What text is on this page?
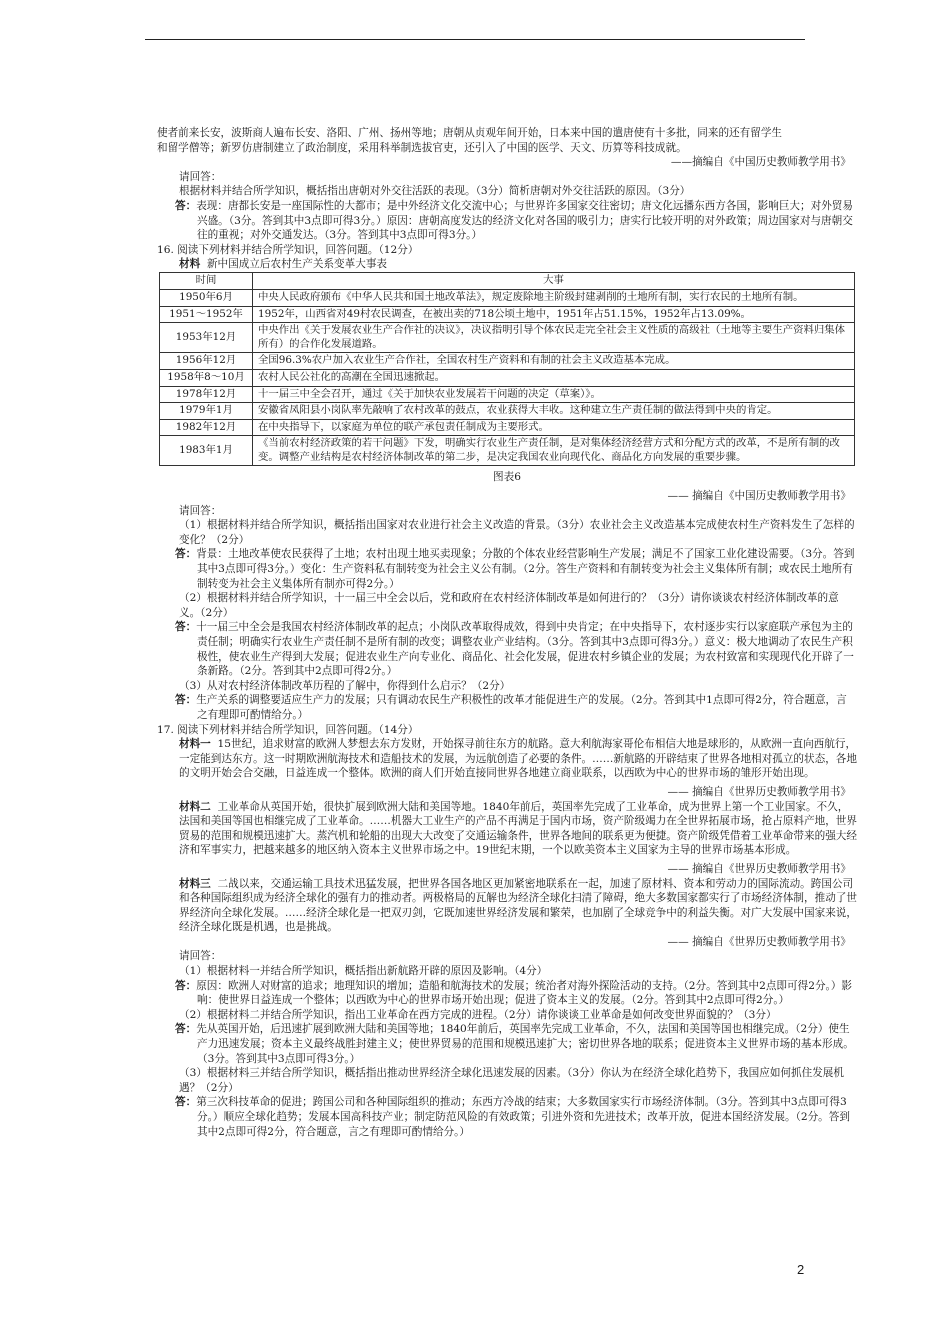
使者前来长安，波斯商人遍布长安、洛阳、广州、扬州等地；唐朝从贞观年间开始，日本来中国的遣唐使有十多批，同来的还有留学生

和留学僧等；新罗仿唐制建立了政治制度，采用科举制选拔官吏，还引入了中国的医学、天文、历算等科技成就。

——摘编自《中国历史教师教学用书》

请回答：

根据材料并结合所学知识，概括指出唐朝对外交往活跃的表现。（3分）简析唐朝对外交往活跃的原因。（3分）

答：表现：唐都长安是一座国际性的大都市；是中外经济文化交流中心；与世界许多国家交往密切；唐文化远播东西方各国，影响巨大；对外贸易兴盛。（3分。答到其中3点即可得3分。）原因：唐朝高度发达的经济文化对各国的吸引力；唐实行比较开明的对外政策；周边国家对与唐朝交往的重视；对外交通发达。（3分。答到其中3点即可得3分。）

16. 阅读下列材料并结合所学知识，回答问题。（12分）

材料 新中国成立后农村生产关系变革大事表

时间	大事
1950年6月	中央人民政府颁布《中华人民共和国土地改革法》，规定废除地主阶级封建剥削的土地所有制，实行农民的土地所有制。
1951～1952年	1952年，山西省对49村农民调查，在被出卖的718公顷土地中，1951年占51.15%，1952年占13.09%。
1953年12月	中央作出《关于发展农业生产合作社的决议》，决议指明引导个体农民走完全社会主义性质的高级社（土地等主要生产资料归集体所有）的合作化发展道路。
1956年12月	全国96.3%农户加入农业生产合作社，全国农村生产资料和有制的社会主义改造基本完成。
1958年8～10月	农村人民公社化的高潮在全国迅速掀起。
1978年12月	十一届三中全会召开，通过《关于加快农业发展若干问题的决定（草案）》。
1979年1月	安徽省凤阳县小岗队率先敲响了农村改革的鼓点，农业获得大丰收。这种建立生产责任制的做法得到中央的肯定。
1982年12月	在中央指导下，以家庭为单位的联产承包责任制成为主要形式。
1983年1月	《当前农村经济政策的若干问题》下发，明确实行农业生产责任制，是对集体经济经营方式和分配方式的改革，不是所有制的改变。调整产业结构是农村经济体制改革的第二步，是决定我国农业向现代化、商品化方向发展的重要步骤。

图表6

—— 摘编自《中国历史教师教学用书》

请回答：

（1）根据材料并结合所学知识，概括指出国家对农业进行社会主义改造的背景。（3分）农业社会主义改造基本完成使农村生产资料发生了怎样的变化？（2分）

答：背景：土地改革使农民获得了土地；农村出现土地买卖现象；分散的个体农业经营影响生产发展；满足不了国家工业化建设需要。（3分。答到其中3点即可得3分。）变化：生产资料私有制转变为社会主义公有制。（2分。答生产资料和有制转变为社会主义集体所有制；或农民土地所有制转变为社会主义集体所有制亦可得2分。）

（2）根据材料并结合所学知识，十一届三中全会以后，党和政府在农村经济体制改革是如何进行的？（3分）请你谈谈农村经济体制改革的意义。（2分）

答：十一届三中全会是我国农村经济体制改革的起点；小岗队改革取得成效，得到中央肯定；在中央指导下，农村逐步实行以家庭联产承包为主的责任制；明确实行农业生产责任制不是所有制的改变；调整农业产业结构。（3分。答到其中3点即可得3分。）意义：极大地调动了农民生产积极性，使农业生产得到大发展；促进农业生产向专业化、商品化、社会化发展，促进农村乡镇企业的发展；为农村致富和实现现代化开辟了一条新路。（2分。答到其中2点即可得2分。）

（3）从对农村经济体制改革历程的了解中，你得到什么启示？（2分）

答：生产关系的调整要适应生产力的发展；只有调动农民生产积极性的改革才能促进生产的发展。（2分。答到其中1点即可得2分，符合题意，言之有理即可酌情给分。）

17. 阅读下列材料并结合所学知识，回答问题。（14分）

材料一 15世纪，追求财富的欧洲人梦想去东方发财，开始探寻前往东方的航路。意大利航海家哥伦布相信大地是球形的，从欧洲一直向西航行，一定能到达东方。这一时期欧洲航海技术和造船技术的发展，为远航创造了必要的条件。……新航路的开辟结束了世界各地相对孤立的状态，各地的文明开始会合交融，日益连成一个整体。欧洲的商人们开始直接同世界各地建立商业联系，以西欧为中心的世界市场的雏形开始出现。

—— 摘编自《世界历史教师教学用书》

材料二 工业革命从英国开始，很快扩展到欧洲大陆和美国等地。1840年前后，英国率先完成了工业革命，成为世界上第一个工业国家。不久，法国和美国等国也相继完成了工业革命。……机器大工业生产的产品不再满足于国内市场，资产阶级竭力在全世界拓展市场，抢占原料产地，世界贸易的范围和规模迅速扩大。蒸汽机和轮船的出现大大改变了交通运输条件，世界各地间的联系更为便捷。资产阶级凭借着工业革命带来的强大经济和军事实力，把越来越多的地区纳入资本主义世界市场之中。19世纪末期，一个以欧美资本主义国家为主导的世界市场基本形成。

—— 摘编自《世界历史教师教学用书》

材料三 二战以来，交通运输工具技术迅猛发展，把世界各国各地区更加紧密地联系在一起，加速了原材料、资本和劳动力的国际流动。跨国公司和各种国际组织成为经济全球化的强有力的推动者。两极格局的瓦解也为经济全球化扫清了障碍，绝大多数国家都实行了市场经济体制，推动了世界经济向全球化发展。……经济全球化是一把双刃剑，它既加速世界经济发展和繁荣，也加剧了全球竞争中的利益失衡。对广大发展中国家来说，经济全球化既是机遇，也是挑战。

—— 摘编自《世界历史教师教学用书》

请回答：

（1）根据材料一并结合所学知识，概括指出新航路开辟的原因及影响。（4分）

答：原因：欧洲人对财富的追求；地理知识的增加；造船和航海技术的发展；统治者对海外探险活动的支持。（2分。答到其中2点即可得2分。）影响：使世界日益连成一个整体；以西欧为中心的世界市场开始出现；促进了资本主义的发展。（2分。答到其中2点即可得2分。）

（2）根据材料二并结合所学知识，指出工业革命在西方完成的进程。（2分）请你谈谈工业革命是如何改变世界面貌的？（3分）

答：先从英国开始，后迅速扩展到欧洲大陆和美国等地；1840年前后，英国率先完成工业革命，不久，法国和美国等国也相继完成。（2分）使生产力迅速发展；资本主义最终战胜封建主义；使世界贸易的范围和规模迅速扩大；密切世界各地的联系；促进资本主义世界市场的基本形成。（3分。答到其中3点即可得3分。）

（3）根据材料三并结合所学知识，概括指出推动世界经济全球化迅速发展的因素。（3分）你认为在经济全球化趋势下，我国应如何抓住发展机遇？（2分）

答：第三次科技革命的促进；跨国公司和各种国际组织的推动；东西方冷战的结束；大多数国家实行市场经济体制。（3分。答到其中3点即可得3分。）顺应全球化趋势；发展本国高科技产业；制定防范风险的有效政策；引进外资和先进技术；改革开放，促进本国经济发展。（2分。答到其中2点即可得2分，符合题意，言之有理即可酌情给分。）

2
